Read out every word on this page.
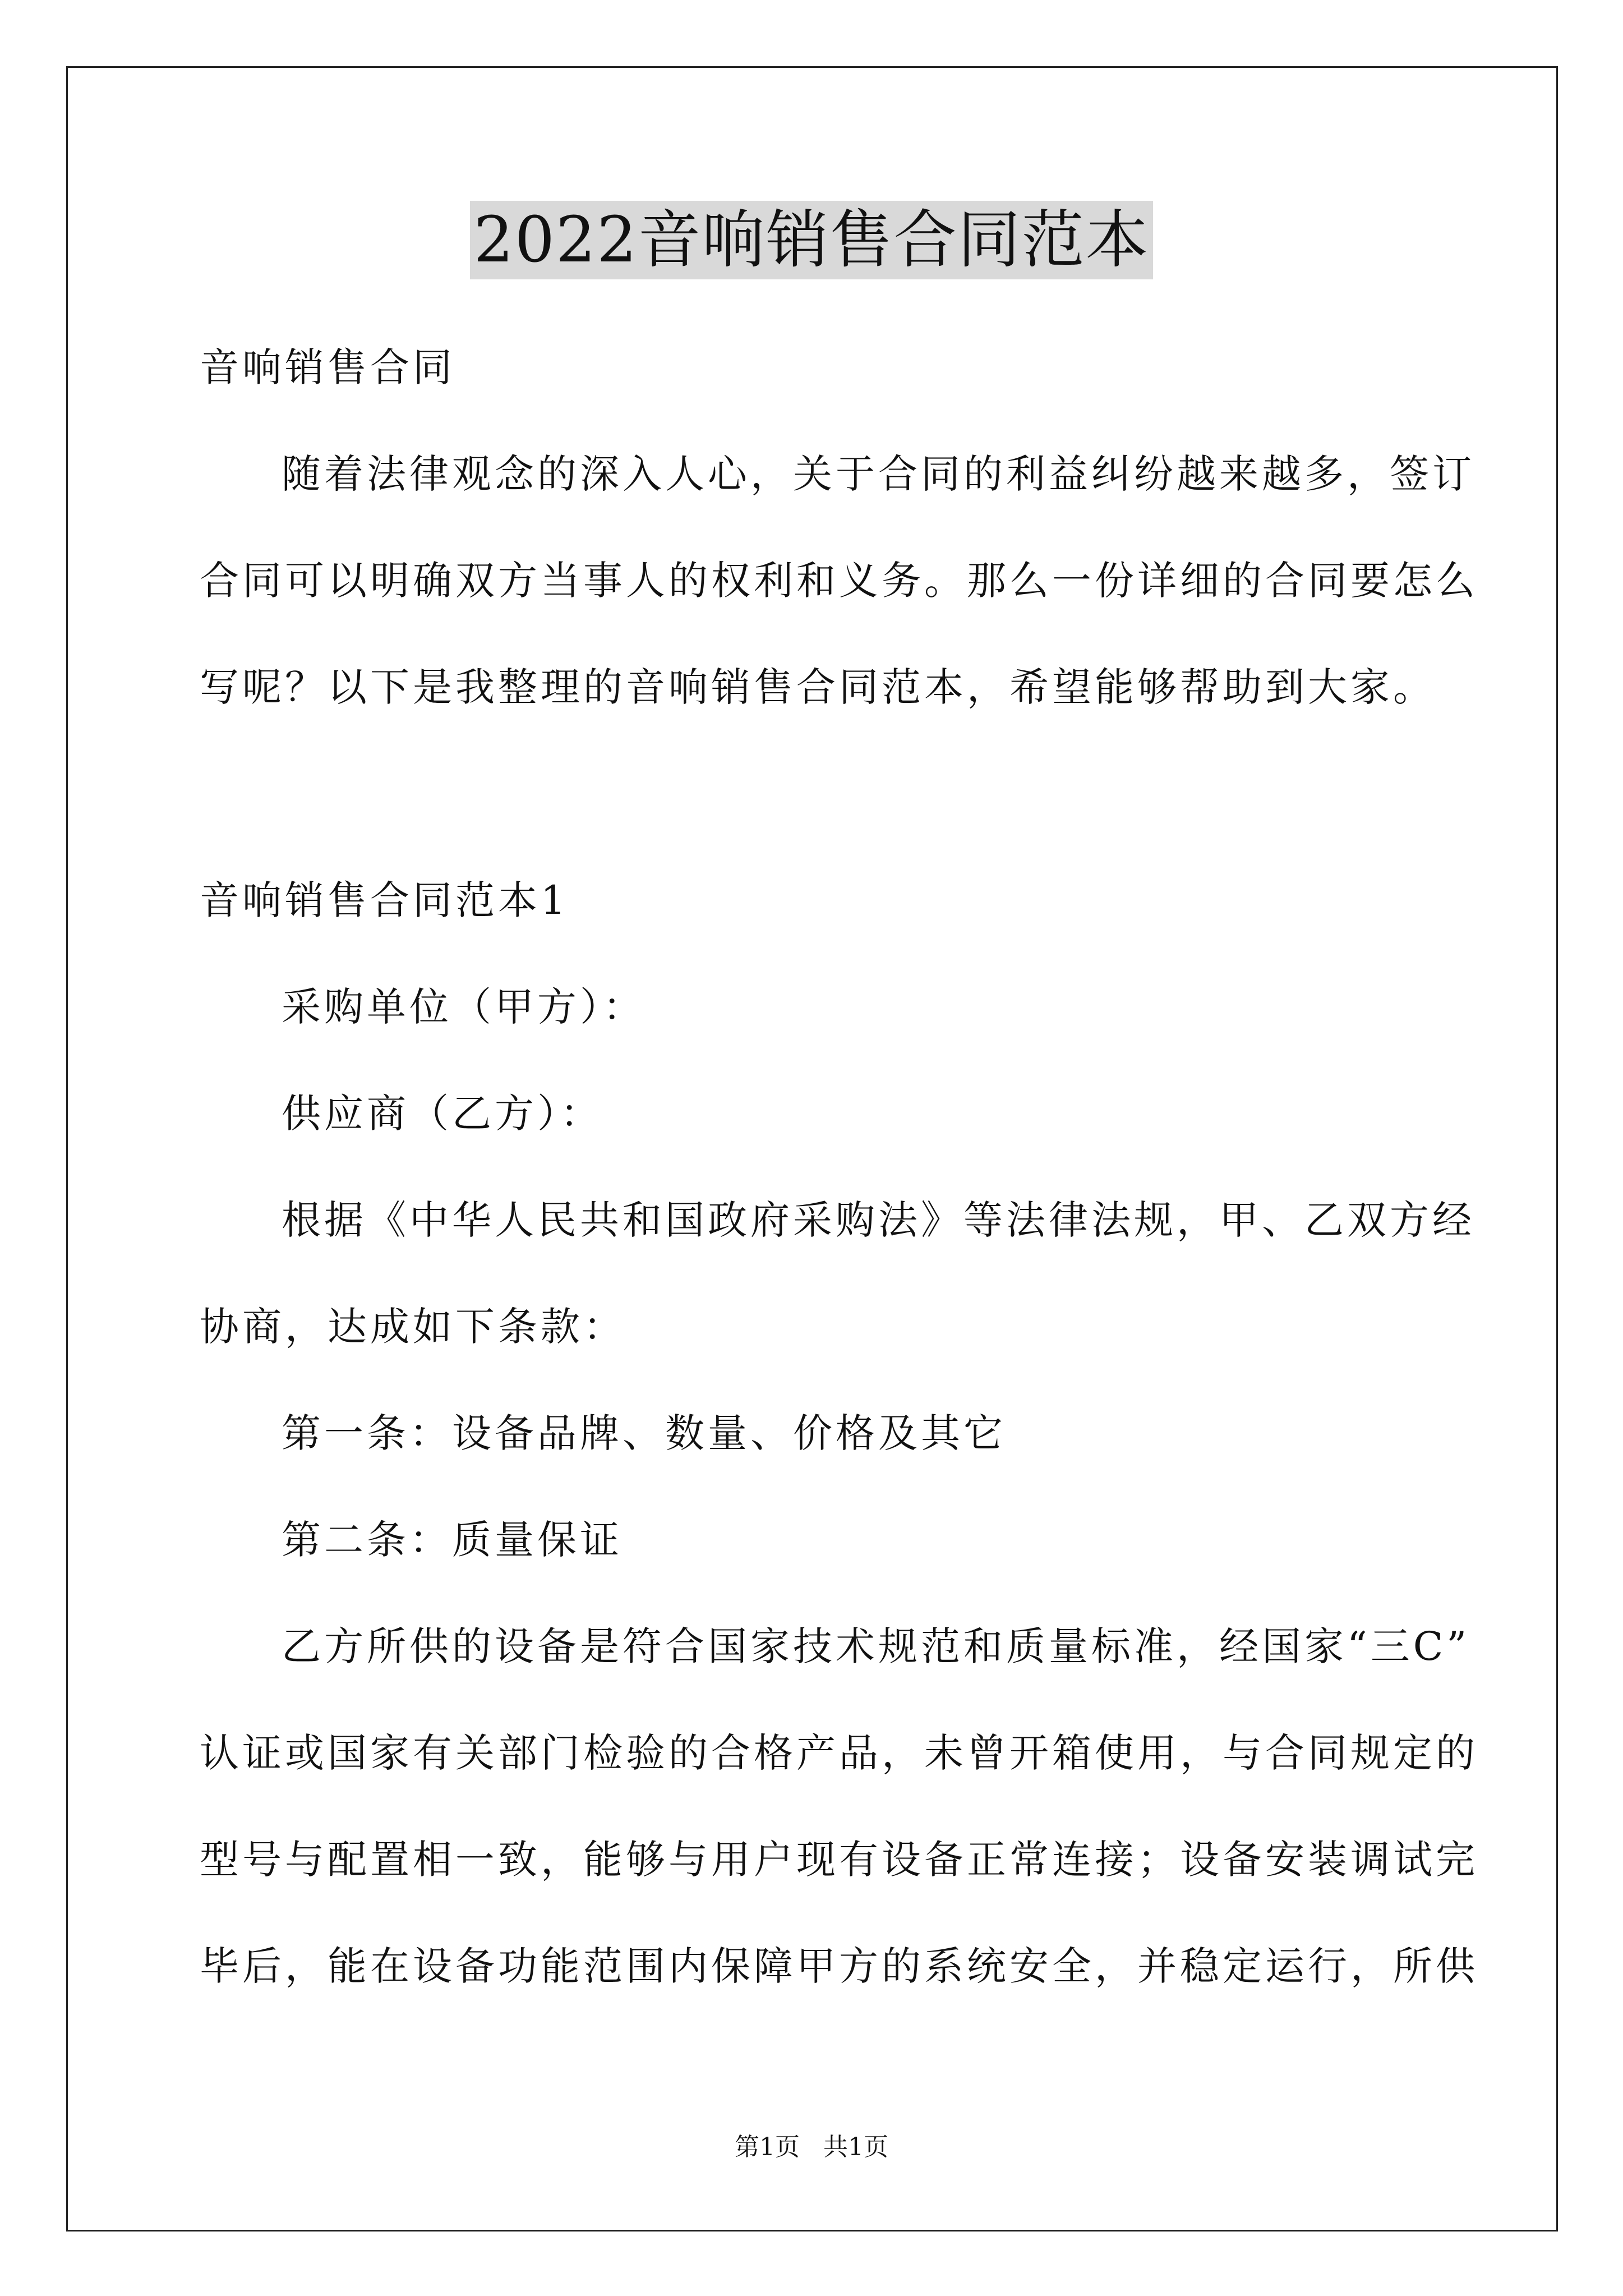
2022音响销售合同范本
音响销售合同
随着法律观念的深入人心，关于合同的利益纠纷越来越多，签订
合同可以明确双方当事人的权利和义务。那么一份详细的合同要怎么
写呢？以下是我整理的音响销售合同范本，希望能够帮助到大家。
音响销售合同范本1
采购单位（甲方）：
供应商（乙方）：
根据《中华人民共和国政府采购法》等法律法规，甲、乙双方经
协商，达成如下条款：
第一条：设备品牌、数量、价格及其它
第二条：质量保证
乙方所供的设备是符合国家技术规范和质量标准，经国家“三C”
认证或国家有关部门检验的合格产品，未曾开箱使用，与合同规定的
型号与配置相一致，能够与用户现有设备正常连接；设备安装调试完
毕后，能在设备功能范围内保障甲方的系统安全，并稳定运行，所供
第1页   共1页
